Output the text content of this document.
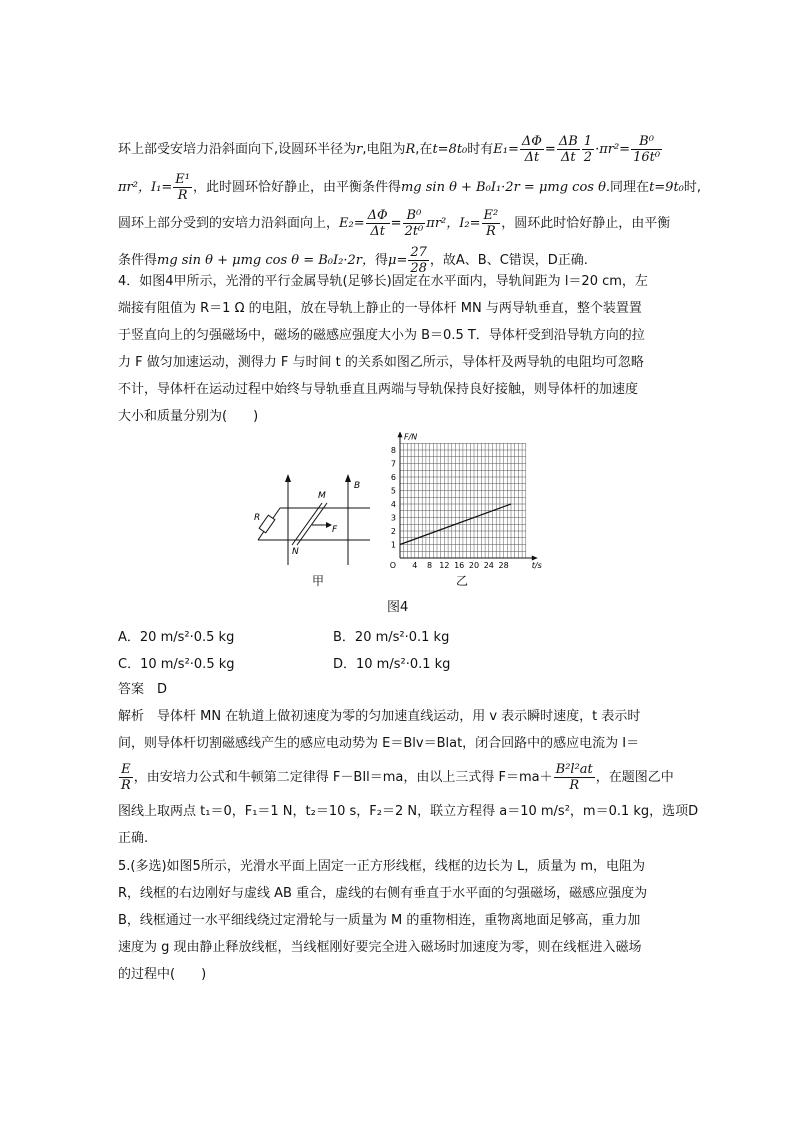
环上部受安培力沿斜面向下,设圆环半径为r,电阻为R,在t=8t₀时有$E_1= \frac{\Delta\Phi}{\Delta t} = \frac{\Delta B}{\Delta t} \frac{1}{2} \cdot\pi r^2= \frac{\text{B⁰}}{\text{16t⁰}}$
πr²，$I_1= \frac{\text{E¹}}{R}$ ，此时圆环恰好静止，由平衡条件得mg sin θ + B₀I₁·2r = μmg cos θ.同理在t=9t₀时,
圆环上部分受到的安培力沿斜面向上，$E_2= \frac{\Delta\Phi}{\Delta t} = \frac{\text{B⁰}}{\text{2t⁰}} \pi r^2$，$I_2= \frac{\text{E²}}{R}$ ，圆环此时恰好静止，由平衡
条件得mg sin θ + μmg cos θ = B₀I₂·2r，得$\mu= \frac{27}{28}$ ，故A、B、C错误，D正确.
4．如图4甲所示，光滑的平行金属导轨(足够长)固定在水平面内，导轨间距为 l＝20 cm，左
端接有阻值为 R＝1 Ω 的电阻，放在导轨上静止的一导体杆 MN 与两导轨垂直，整个装置置
于竖直向上的匀强磁场中，磁场的磁感应强度大小为 B＝0.5 T．导体杆受到沿导轨方向的拉
力 F 做匀加速运动，测得力 F 与时间 t 的关系如图乙所示，导体杆及两导轨的电阻均可忽略
不计，导体杆在运动过程中始终与导轨垂直且两端与导轨保持良好接触，则导体杆的加速度
大小和质量分别为(　　)
R
M
N
F
B
甲
4 8 12 16 20 24 28
1
2
3
4
5
6
7
8
O	t/s
F/N
乙
图4
A．20 m/s²·0.5 kg	B．20 m/s²·0.1 kg
C．10 m/s²·0.5 kg	D．10 m/s²·0.1 kg
答案　D
解析　导体杆 MN 在轨道上做初速度为零的匀加速直线运动，用 v 表示瞬时速度，t 表示时
间，则导体杆切割磁感线产生的感应电动势为 E＝Blv＝Blat，闭合回路中的感应电流为 I＝
$\frac{E}{R}$ ，由安培力公式和牛顿第二定律得 F－BIl＝ma，由以上三式得 $F=ma+ \frac{\text{B²l²at}}{R}$ ，在题图乙中
图线上取两点 t₁＝0，F₁＝1 N，t₂＝10 s，F₂＝2 N，联立方程得 a＝10 m/s²，m＝0.1 kg，选项D
正确.
5.(多选)如图5所示，光滑水平面上固定一正方形线框，线框的边长为 L，质量为 m，电阻为
R，线框的右边刚好与虚线 AB 重合，虚线的右侧有垂直于水平面的匀强磁场，磁感应强度为
B，线框通过一水平细线绕过定滑轮与一质量为 M 的重物相连，重物离地面足够高，重力加
速度为 g 现由静止释放线框，当线框刚好要完全进入磁场时加速度为零，则在线框进入磁场
的过程中(　　)
